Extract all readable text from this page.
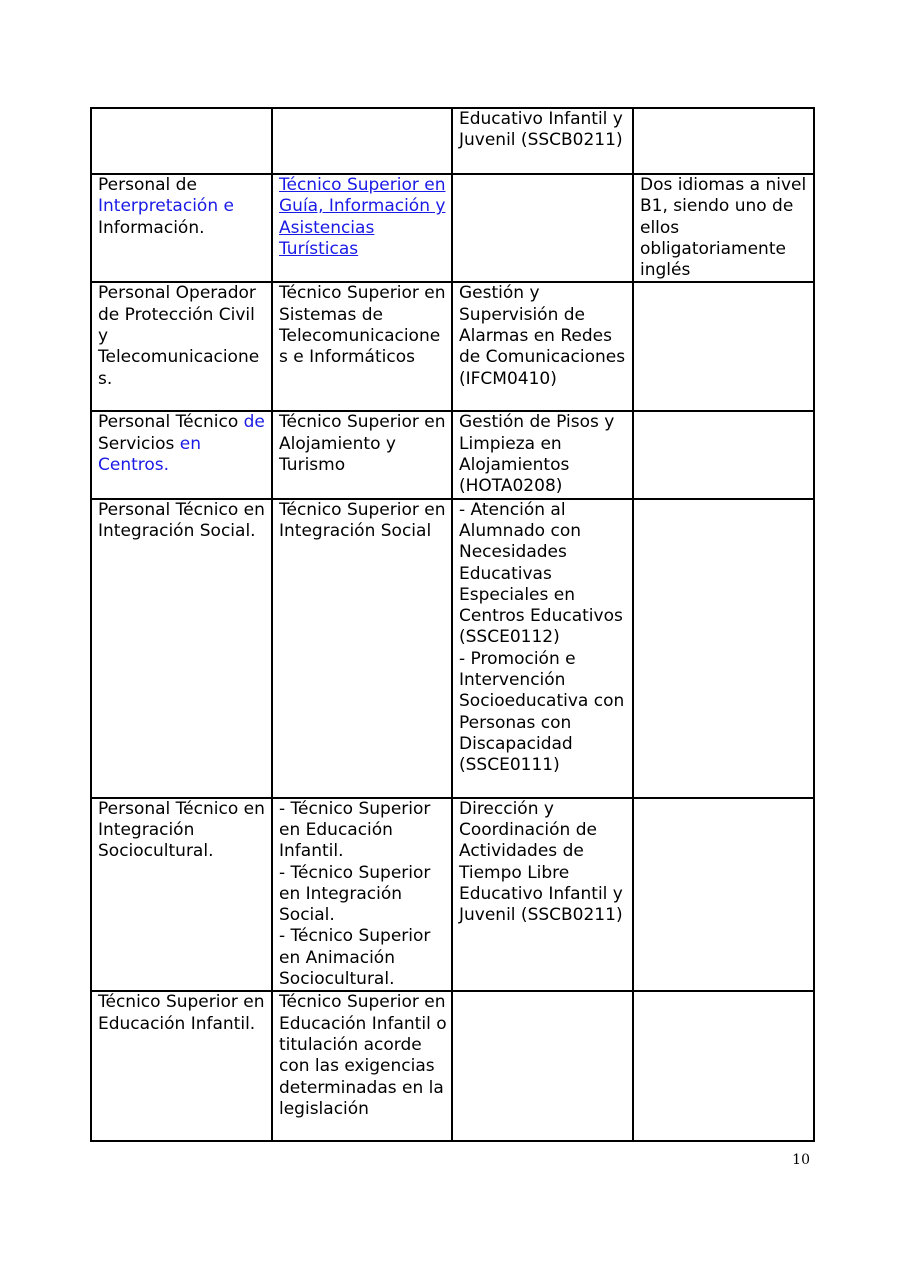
		Educativo Infantil y Juvenil (SSCB0211)	

Personal de
Interpretación e
Información.	Técnico Superior en Guía, Información y Asistencias Turísticas		Dos idiomas a nivel B1, siendo uno de ellos obligatoriamente inglés
Personal Operador de Protección Civil y Telecomunicaciones.	Técnico Superior en Sistemas de Telecomunicaciones e Informáticos	Gestión y Supervisión de Alarmas en Redes de Comunicaciones (IFCM0410)	
Personal Técnico de Servicios en Centros.	Técnico Superior en Alojamiento y Turismo	Gestión de Pisos y Limpieza en Alojamientos (HOTA0208)	
Personal Técnico en Integración Social.	Técnico Superior en Integración Social	- Atención al Alumnado con Necesidades Educativas Especiales en Centros Educativos (SSCE0112)
- Promoción e Intervención Socioeducativa con Personas con Discapacidad (SSCE0111)	

Personal Técnico en Integración Sociocultural.	- Técnico Superior en Educación Infantil.
- Técnico Superior en Integración Social.
- Técnico Superior en Animación Sociocultural.	Dirección y Coordinación de Actividades de Tiempo Libre Educativo Infantil y Juvenil (SSCB0211)	
Técnico Superior en Educación Infantil.	Técnico Superior en Educación Infantil o titulación acorde con las exigencias determinadas en la legislación		
10
